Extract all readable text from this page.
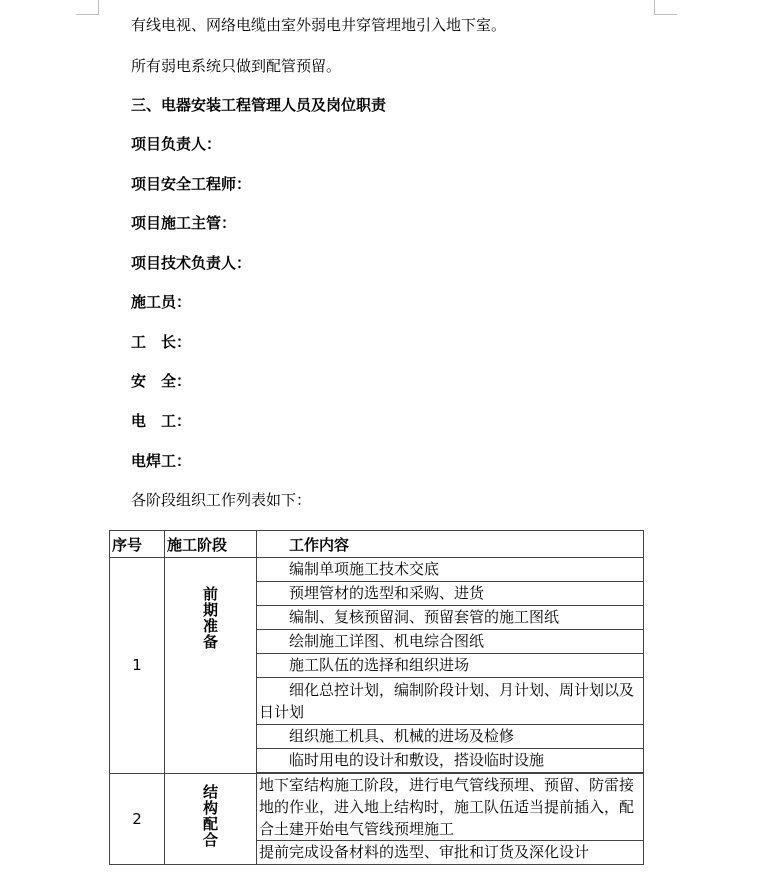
有线电视、网络电缆由室外弱电井穿管埋地引入地下室。
所有弱电系统只做到配管预留。
三、电器安装工程管理人员及岗位职责
项目负责人：
项目安全工程师：
项目施工主管：
项目技术负责人：
施工员：
工　长：
安　全：
电　工：
电焊工：
各阶段组织工作列表如下：
序号	施工阶段	工作内容
1	前期准备	编制单项施工技术交底
		预埋管材的选型和采购、进货
		编制、复核预留洞、预留套管的施工图纸
		绘制施工详图、机电综合图纸
		施工队伍的选择和组织进场
		细化总控计划，编制阶段计划、月计划、周计划以及日计划
		组织施工机具、机械的进场及检修
		临时用电的设计和敷设，搭设临时设施

2	结构配合	地下室结构施工阶段，进行电气管线预埋、预留、防雷接地的作业，进入地上结构时，施工队伍适当提前插入，配合土建开始电气管线预埋施工
		提前完成设备材料的选型、审批和订货及深化设计
